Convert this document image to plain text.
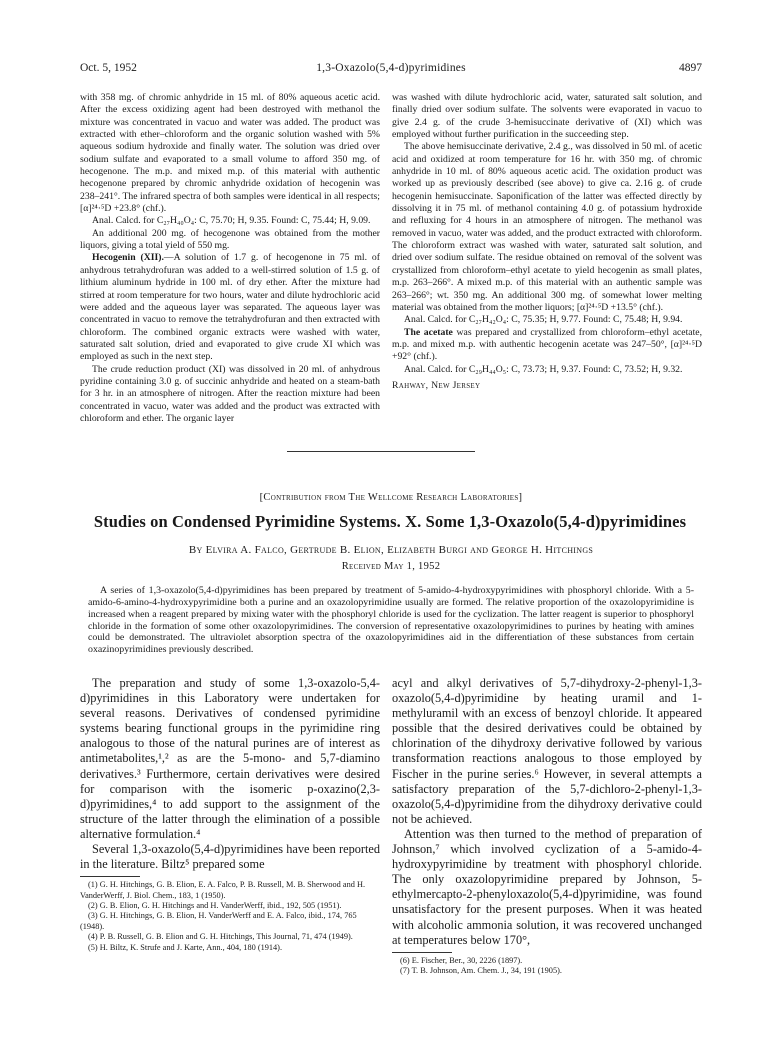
Oct. 5, 1952	1,3-Oxazolo(5,4-d)pyrimidines	4897

with 358 mg. of chromic anhydride in 15 ml. of 80% aqueous acetic acid. After the excess oxidizing agent had been destroyed with methanol the mixture was concentrated in vacuo and water was added. The product was extracted with ether–chloroform and the organic solution washed with 5% aqueous sodium hydroxide and finally water. The solution was dried over sodium sulfate and evaporated to a small volume to afford 350 mg. of hecogenone. The m.p. and mixed m.p. of this material with authentic hecogenone prepared by chromic anhydride oxidation of hecogenin was 238–241°. The infrared spectra of both samples were identical in all respects; [α]²⁴·⁵D +23.8° (chf.).

Anal. Calcd. for C₂₇H₄₀O₄: C, 75.70; H, 9.35. Found: C, 75.44; H, 9.09.

An additional 200 mg. of hecogenone was obtained from the mother liquors, giving a total yield of 550 mg.

Hecogenin (XII).—A solution of 1.7 g. of hecogenone in 75 ml. of anhydrous tetrahydrofuran was added to a well-stirred solution of 1.5 g. of lithium aluminum hydride in 100 ml. of dry ether. After the mixture had stirred at room temperature for two hours, water and dilute hydrochloric acid were added and the aqueous layer was separated. The aqueous layer was concentrated in vacuo to remove the tetrahydrofuran and then extracted with chloroform. The combined organic extracts were washed with water, saturated salt solution, dried and evaporated to give crude XI which was employed as such in the next step.

The crude reduction product (XI) was dissolved in 20 ml. of anhydrous pyridine containing 3.0 g. of succinic anhydride and heated on a steam-bath for 3 hr. in an atmosphere of nitrogen. After the reaction mixture had been concentrated in vacuo, water was added and the product was extracted with chloroform and ether. The organic layer

was washed with dilute hydrochloric acid, water, saturated salt solution, and finally dried over sodium sulfate. The solvents were evaporated in vacuo to give 2.4 g. of the crude 3-hemisuccinate derivative of (XI) which was employed without further purification in the succeeding step.

The above hemisuccinate derivative, 2.4 g., was dissolved in 50 ml. of acetic acid and oxidized at room temperature for 16 hr. with 350 mg. of chromic anhydride in 10 ml. of 80% aqueous acetic acid. The oxidation product was worked up as previously described (see above) to give ca. 2.16 g. of crude hecogenin hemisuccinate. Saponification of the latter was effected directly by dissolving it in 75 ml. of methanol containing 4.0 g. of potassium hydroxide and refluxing for 4 hours in an atmosphere of nitrogen. The methanol was removed in vacuo, water was added, and the product extracted with chloroform. The chloroform extract was washed with water, saturated salt solution, and dried over sodium sulfate. The residue obtained on removal of the solvent was crystallized from chloroform–ethyl acetate to yield hecogenin as small plates, m.p. 263–266°. A mixed m.p. of this material with an authentic sample was 263–266°; wt. 350 mg. An additional 300 mg. of somewhat lower melting material was obtained from the mother liquors; [α]²⁴·⁵D +13.5° (chf.).

Anal. Calcd. for C₂₇H₄₂O₄: C, 75.35; H, 9.77. Found: C, 75.48; H, 9.94.

The acetate was prepared and crystallized from chloroform–ethyl acetate, m.p. and mixed m.p. with authentic hecogenin acetate was 247–50°, [α]²⁴·⁵D +92° (chf.).

Anal. Calcd. for C₂₉H₄₄O₅: C, 73.73; H, 9.37. Found: C, 73.52; H, 9.32.

Rahway, New Jersey

[Contribution from The Wellcome Research Laboratories]
Studies on Condensed Pyrimidine Systems. X. Some 1,3-Oxazolo(5,4-d)pyrimidines
By Elvira A. Falco, Gertrude B. Elion, Elizabeth Burgi and George H. Hitchings
Received May 1, 1952
A series of 1,3-oxazolo(5,4-d)pyrimidines has been prepared by treatment of 5-amido-4-hydroxypyrimidines with phosphoryl chloride. With a 5-amido-6-amino-4-hydroxypyrimidine both a purine and an oxazolopyrimidine usually are formed. The relative proportion of the oxazolopyrimidine is increased when a reagent prepared by mixing water with the phosphoryl chloride is used for the cyclization. The latter reagent is superior to phosphoryl chloride in the formation of some other oxazolopyrimidines. The conversion of representative oxazolopyrimidines to purines by heating with amines could be demonstrated. The ultraviolet absorption spectra of the oxazolopyrimidines aid in the differentiation of these substances from certain oxazinopyrimidines previously described.

The preparation and study of some 1,3-oxazolo-5,4-d)pyrimidines in this Laboratory were undertaken for several reasons. Derivatives of condensed pyrimidine systems bearing functional groups in the pyrimidine ring analogous to those of the natural purines are of interest as antimetabolites,¹,² as are the 5-mono- and 5,7-diamino derivatives.³ Furthermore, certain derivatives were desired for comparison with the isomeric p-oxazino(2,3-d)pyrimidines,⁴ to add support to the assignment of the structure of the latter through the elimination of a possible alternative formulation.⁴

Several 1,3-oxazolo(5,4-d)pyrimidines have been reported in the literature. Biltz⁵ prepared some

(1) G. H. Hitchings, G. B. Elion, E. A. Falco, P. B. Russell, M. B. Sherwood and H. VanderWerff, J. Biol. Chem., 183, 1 (1950).

(2) G. B. Elion, G. H. Hitchings and H. VanderWerff, ibid., 192, 505 (1951).

(3) G. H. Hitchings, G. B. Elion, H. VanderWerff and E. A. Falco, ibid., 174, 765 (1948).

(4) P. B. Russell, G. B. Elion and G. H. Hitchings, This Journal, 71, 474 (1949).

(5) H. Biltz, K. Strufe and J. Karte, Ann., 404, 180 (1914).

acyl and alkyl derivatives of 5,7-dihydroxy-2-phenyl-1,3-oxazolo(5,4-d)pyrimidine by heating uramil and 1-methyluramil with an excess of benzoyl chloride. It appeared possible that the desired derivatives could be obtained by chlorination of the dihydroxy derivative followed by various transformation reactions analogous to those employed by Fischer in the purine series.⁶ However, in several attempts a satisfactory preparation of the 5,7-dichloro-2-phenyl-1,3-oxazolo(5,4-d)pyrimidine from the dihydroxy derivative could not be achieved.

Attention was then turned to the method of preparation of Johnson,⁷ which involved cyclization of a 5-amido-4-hydroxypyrimidine by treatment with phosphoryl chloride. The only oxazolopyrimidine prepared by Johnson, 5-ethylmercapto-2-phenyloxazolo(5,4-d)pyrimidine, was found unsatisfactory for the present purposes. When it was heated with alcoholic ammonia solution, it was recovered unchanged at temperatures below 170°,

(6) E. Fischer, Ber., 30, 2226 (1897).

(7) T. B. Johnson, Am. Chem. J., 34, 191 (1905).
